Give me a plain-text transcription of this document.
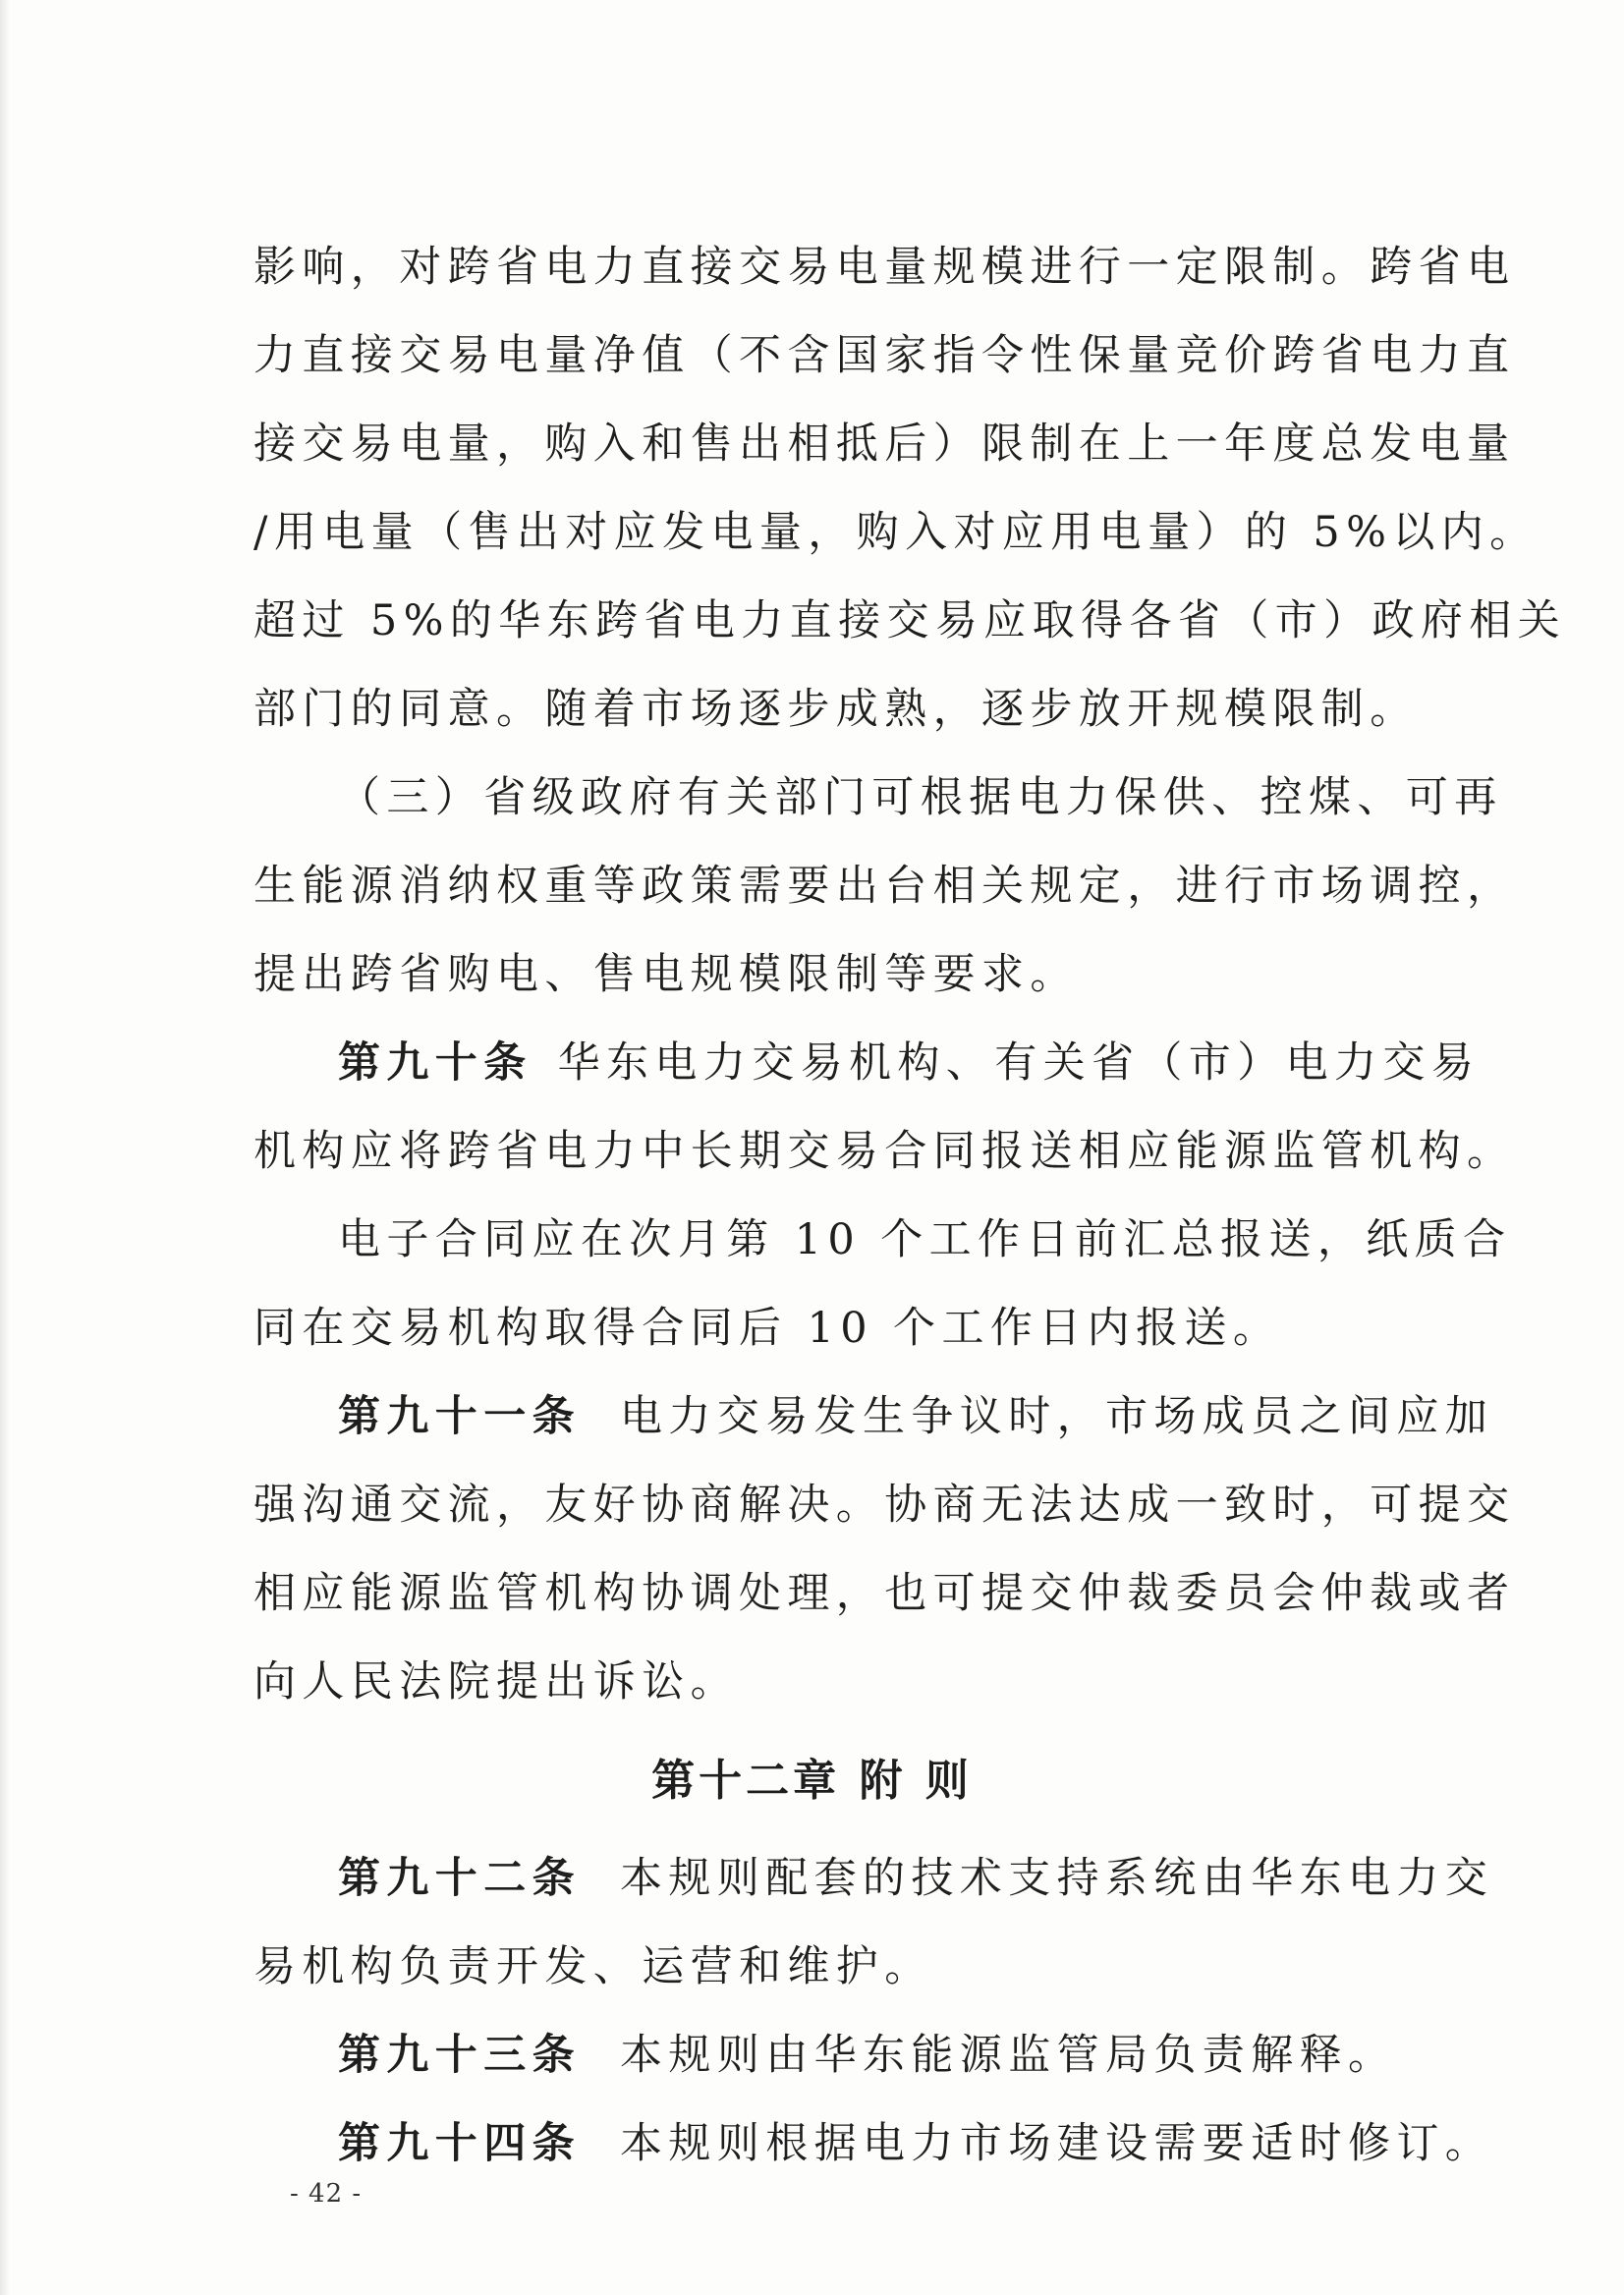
影响，对跨省电力直接交易电量规模进行一定限制。跨省电
力直接交易电量净值（不含国家指令性保量竞价跨省电力直
接交易电量，购入和售出相抵后）限制在上一年度总发电量
/用电量（售出对应发电量，购入对应用电量）的 5%以内。
超过 5%的华东跨省电力直接交易应取得各省（市）政府相关
部门的同意。随着市场逐步成熟，逐步放开规模限制。
（三）省级政府有关部门可根据电力保供、控煤、可再
生能源消纳权重等政策需要出台相关规定，进行市场调控，
提出跨省购电、售电规模限制等要求。
第九十条 华东电力交易机构、有关省（市）电力交易
机构应将跨省电力中长期交易合同报送相应能源监管机构。
电子合同应在次月第 10 个工作日前汇总报送，纸质合
同在交易机构取得合同后 10 个工作日内报送。
第九十一条 电力交易发生争议时，市场成员之间应加
强沟通交流，友好协商解决。协商无法达成一致时，可提交
相应能源监管机构协调处理，也可提交仲裁委员会仲裁或者
向人民法院提出诉讼。
第十二章 附 则
第九十二条 本规则配套的技术支持系统由华东电力交
易机构负责开发、运营和维护。
第九十三条 本规则由华东能源监管局负责解释。
第九十四条 本规则根据电力市场建设需要适时修订。
- 42 -
